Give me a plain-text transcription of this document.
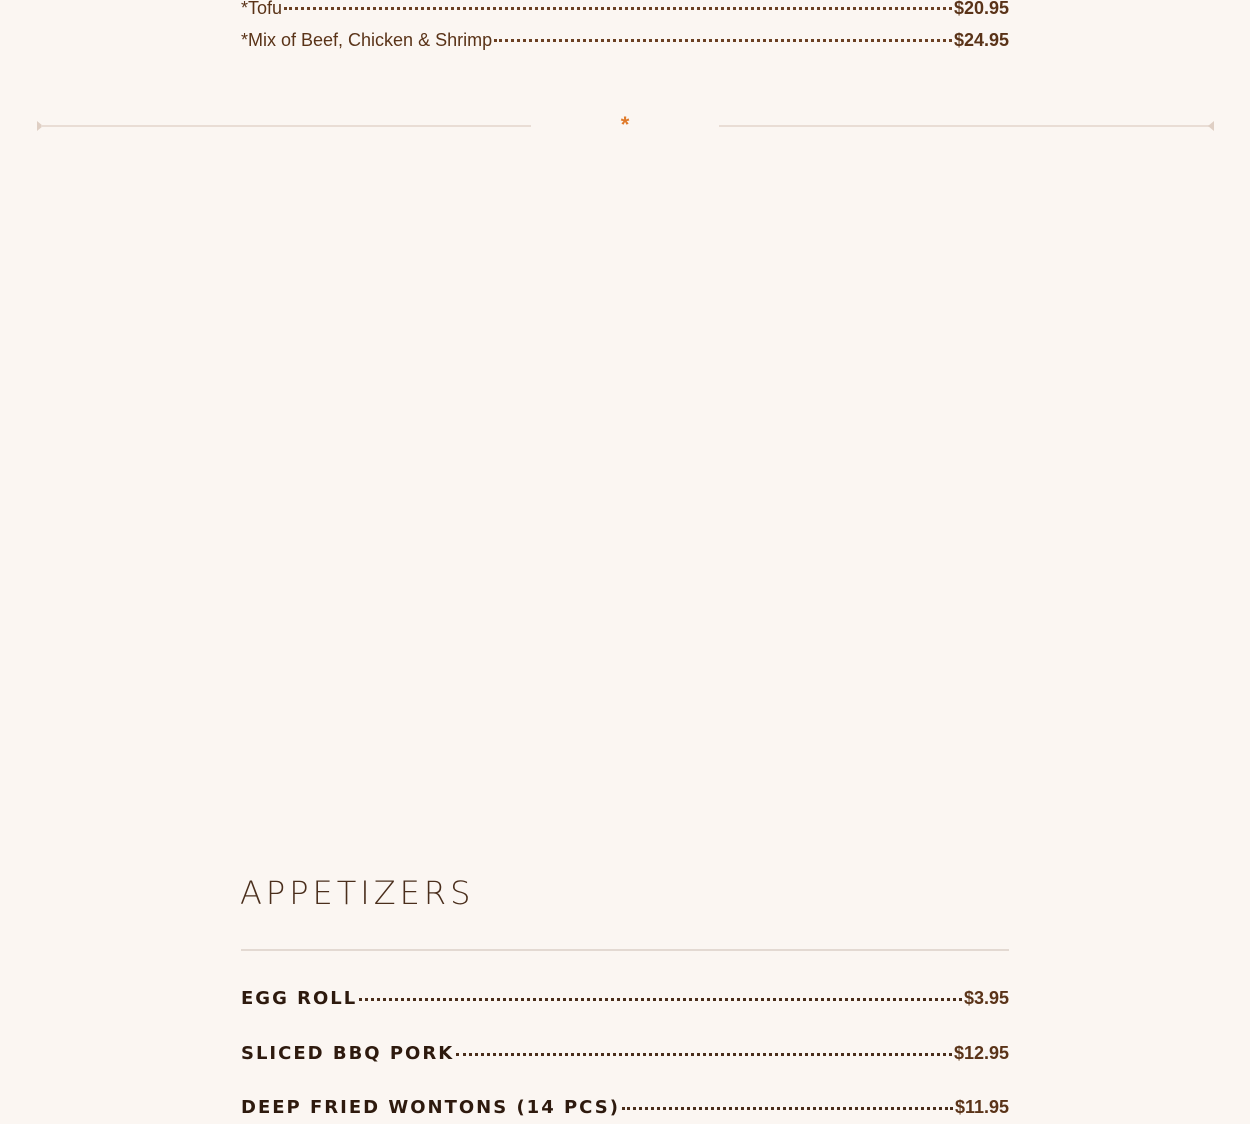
*Tofu	$20.95
*Mix of Beef, Chicken & Shrimp	$24.95
*
APPETIZERS
EGG ROLL	$3.95
SLICED BBQ PORK	$12.95
DEEP FRIED WONTONS (14 PCS)	$11.95
